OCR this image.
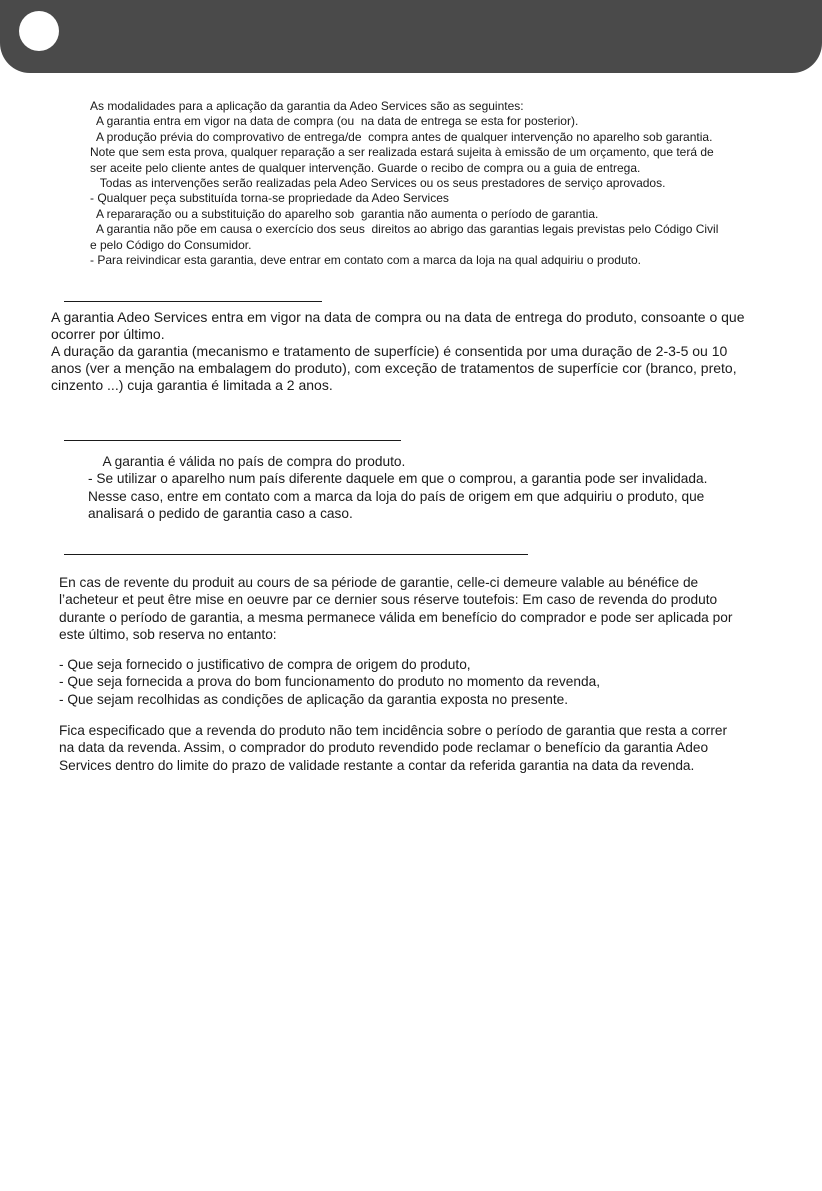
As modalidades para a aplicação da garantia da Adeo Services são as seguintes:
A garantia entra em vigor na data de compra (ou  na data de entrega se esta for posterior).
A produção prévia do comprovativo de entrega/de  compra antes de qualquer intervenção no aparelho sob garantia.
Note que sem esta prova, qualquer reparação a ser realizada estará sujeita à emissão de um orçamento, que terá de
ser aceite pelo cliente antes de qualquer intervenção. Guarde o recibo de compra ou a guia de entrega.
Todas as intervenções serão realizadas pela Adeo Services ou os seus prestadores de serviço aprovados.
- Qualquer peça substituída torna-se propriedade da Adeo Services
A repararação ou a substituição do aparelho sob  garantia não aumenta o período de garantia.
A garantia não põe em causa o exercício dos seus  direitos ao abrigo das garantias legais previstas pelo Código Civil
e pelo Código do Consumidor.
- Para reivindicar esta garantia, deve entrar em contato com a marca da loja na qual adquiriu o produto.
A garantia Adeo Services entra em vigor na data de compra ou na data de entrega do produto, consoante o que
ocorrer por último.
A duração da garantia (mecanismo e tratamento de superfície) é consentida por uma duração de 2-3-5 ou 10
anos (ver a menção na embalagem do produto), com exceção de tratamentos de superfície cor (branco, preto,
cinzento ...) cuja garantia é limitada a 2 anos.
A garantia é válida no país de compra do produto.
- Se utilizar o aparelho num país diferente daquele em que o comprou, a garantia pode ser invalidada.
Nesse caso, entre em contato com a marca da loja do país de origem em que adquiriu o produto, que
analisará o pedido de garantia caso a caso.
En cas de revente du produit au cours de sa période de garantie, celle-ci demeure valable au bénéfice de
l’acheteur et peut être mise en oeuvre par ce dernier sous réserve toutefois: Em caso de revenda do produto
durante o período de garantia, a mesma permanece válida em benefício do comprador e pode ser aplicada por
este último, sob reserva no entanto:
- Que seja fornecido o justificativo de compra de origem do produto,
- Que seja fornecida a prova do bom funcionamento do produto no momento da revenda,
- Que sejam recolhidas as condições de aplicação da garantia exposta no presente.
Fica especificado que a revenda do produto não tem incidência sobre o período de garantia que resta a correr
na data da revenda. Assim, o comprador do produto revendido pode reclamar o benefício da garantia Adeo
Services dentro do limite do prazo de validade restante a contar da referida garantia na data da revenda.
